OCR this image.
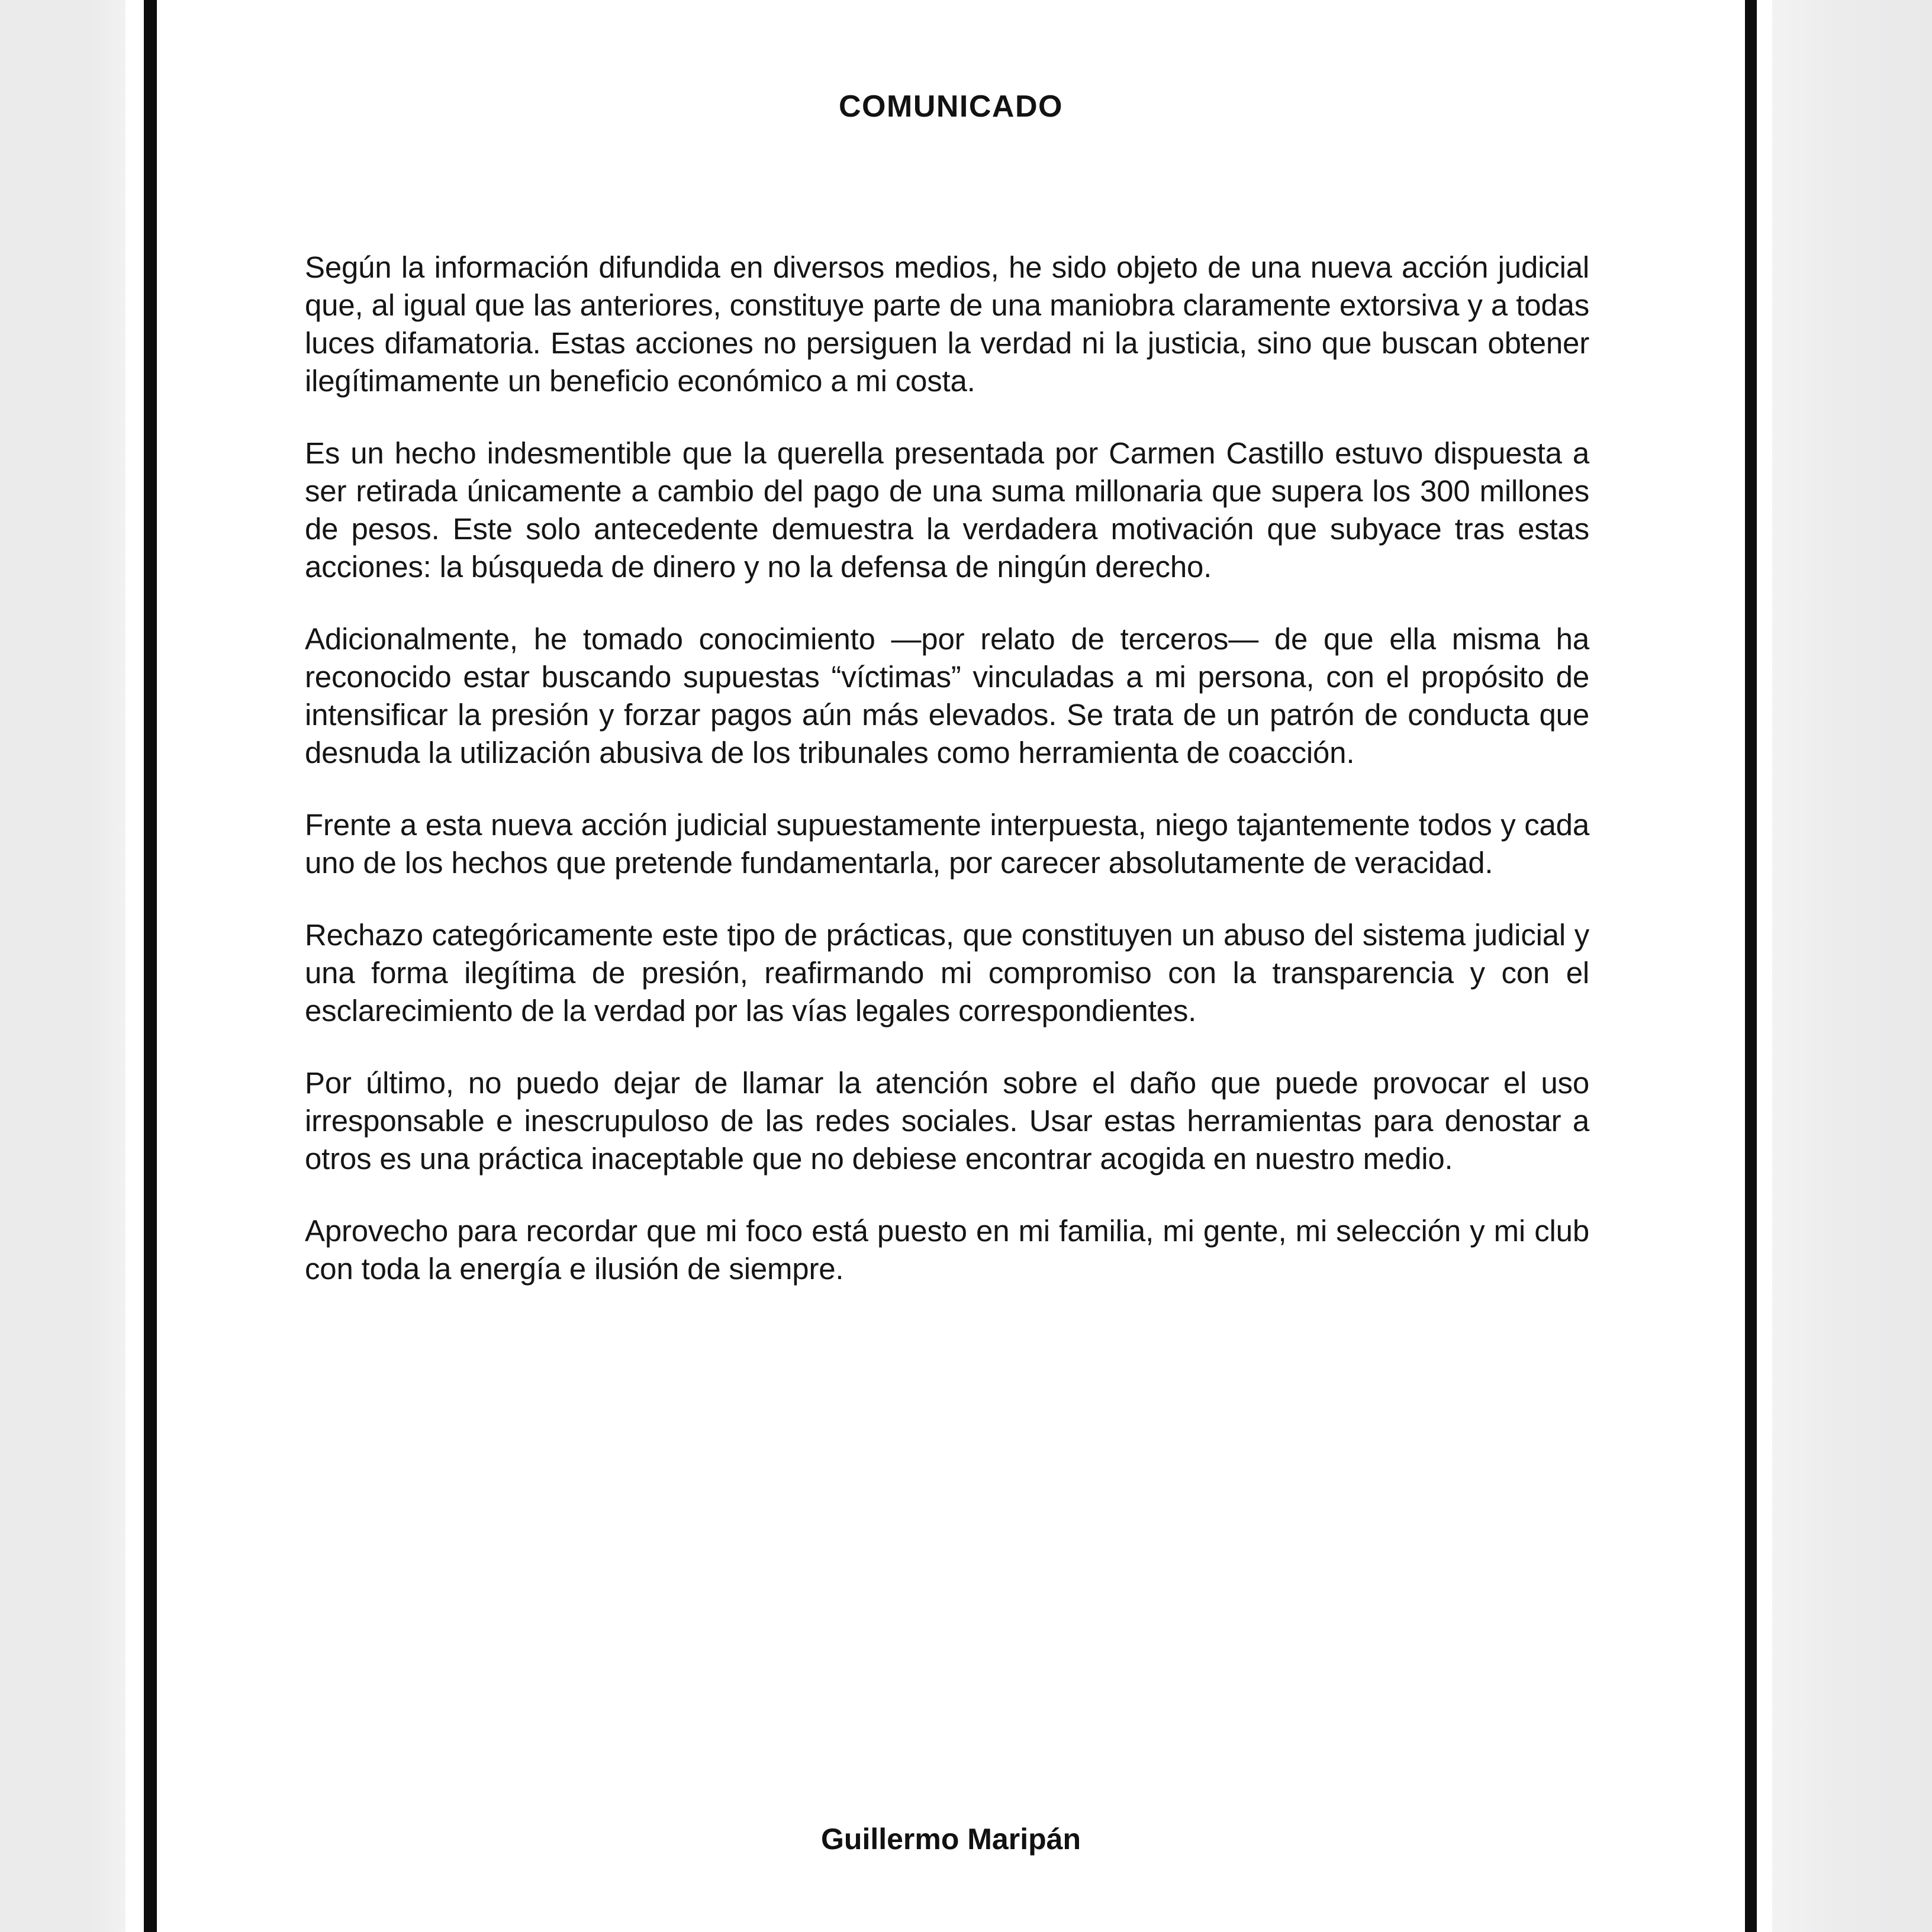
COMUNICADO

Según la información difundida en diversos medios, he sido objeto de una nueva acción judicial que, al igual que las anteriores, constituye parte de una maniobra claramente extorsiva y a todas luces difamatoria. Estas acciones no persiguen la verdad ni la justicia, sino que buscan obtener ilegítimamente un beneficio económico a mi costa.

Es un hecho indesmentible que la querella presentada por Carmen Castillo estuvo dispuesta a ser retirada únicamente a cambio del pago de una suma millonaria que supera los 300 millones de pesos. Este solo antecedente demuestra la verdadera motivación que subyace tras estas acciones: la búsqueda de dinero y no la defensa de ningún derecho.

Adicionalmente, he tomado conocimiento —por relato de terceros— de que ella misma ha reconocido estar buscando supuestas “víctimas” vinculadas a mi persona, con el propósito de intensificar la presión y forzar pagos aún más elevados. Se trata de un patrón de conducta que desnuda la utilización abusiva de los tribunales como herramienta de coacción.

Frente a esta nueva acción judicial supuestamente interpuesta, niego tajantemente todos y cada uno de los hechos que pretende fundamentarla, por carecer absolutamente de veracidad.

Rechazo categóricamente este tipo de prácticas, que constituyen un abuso del sistema judicial y una forma ilegítima de presión, reafirmando mi compromiso con la transparencia y con el esclarecimiento de la verdad por las vías legales correspondientes.

Por último, no puedo dejar de llamar la atención sobre el daño que puede provocar el uso irresponsable e inescrupuloso de las redes sociales. Usar estas herramientas para denostar a otros es una práctica inaceptable que no debiese encontrar acogida en nuestro medio.

Aprovecho para recordar que mi foco está puesto en mi familia, mi gente, mi selección y mi club con toda la energía e ilusión de siempre.

Guillermo Maripán
